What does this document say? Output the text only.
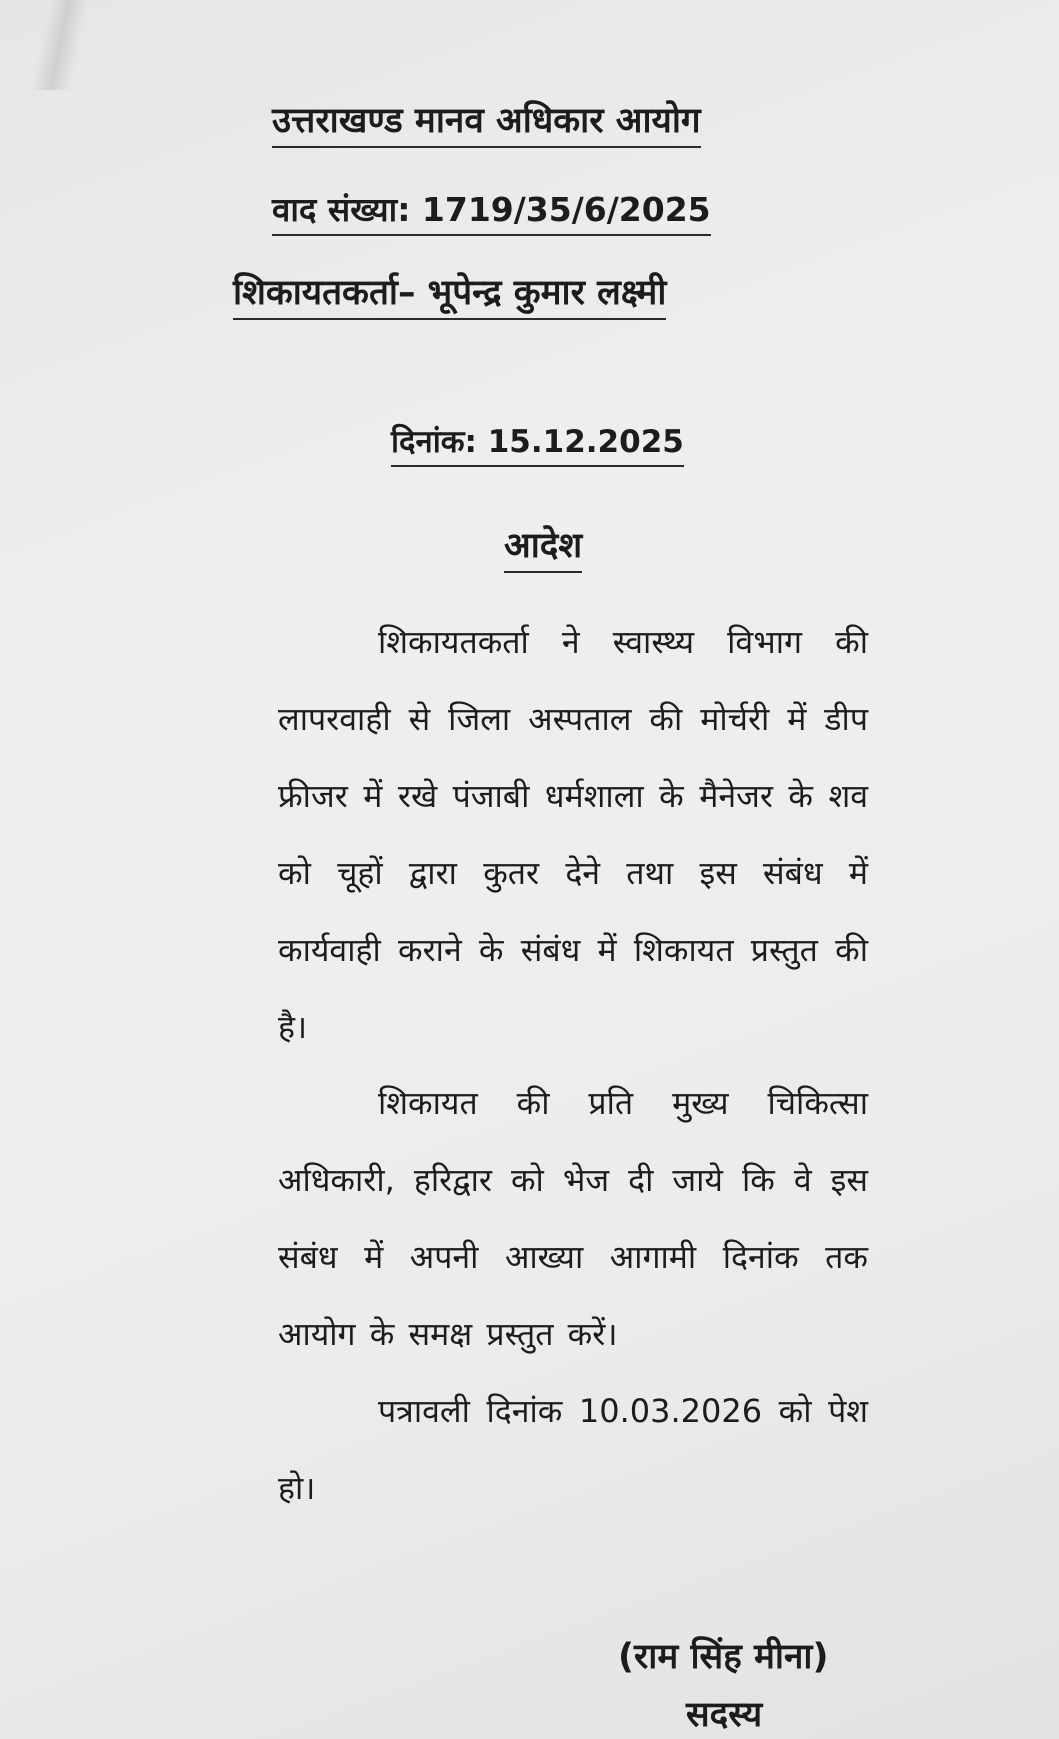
उत्तराखण्ड मानव अधिकार आयोग
वाद संख्या: 1719/35/6/2025
शिकायतकर्ता– भूपेन्द्र कुमार लक्ष्मी
दिनांक: 15.12.2025
आदेश

शिकायतकर्ता ने स्वास्थ्य विभाग की लापरवाही से जिला अस्पताल की मोर्चरी में डीप फ्रीजर में रखे पंजाबी धर्मशाला के मैनेजर के शव को चूहों द्वारा कुतर देने तथा इस संबंध में कार्यवाही कराने के संबंध में शिकायत प्रस्तुत की है।

शिकायत की प्रति मुख्य चिकित्सा अधिकारी, हरिद्वार को भेज दी जाये कि वे इस संबंध में अपनी आख्या आगामी दिनांक तक आयोग के समक्ष प्रस्तुत करें।

पत्रावली दिनांक 10.03.2026 को पेश हो।

(राम सिंह मीना)
सदस्य
